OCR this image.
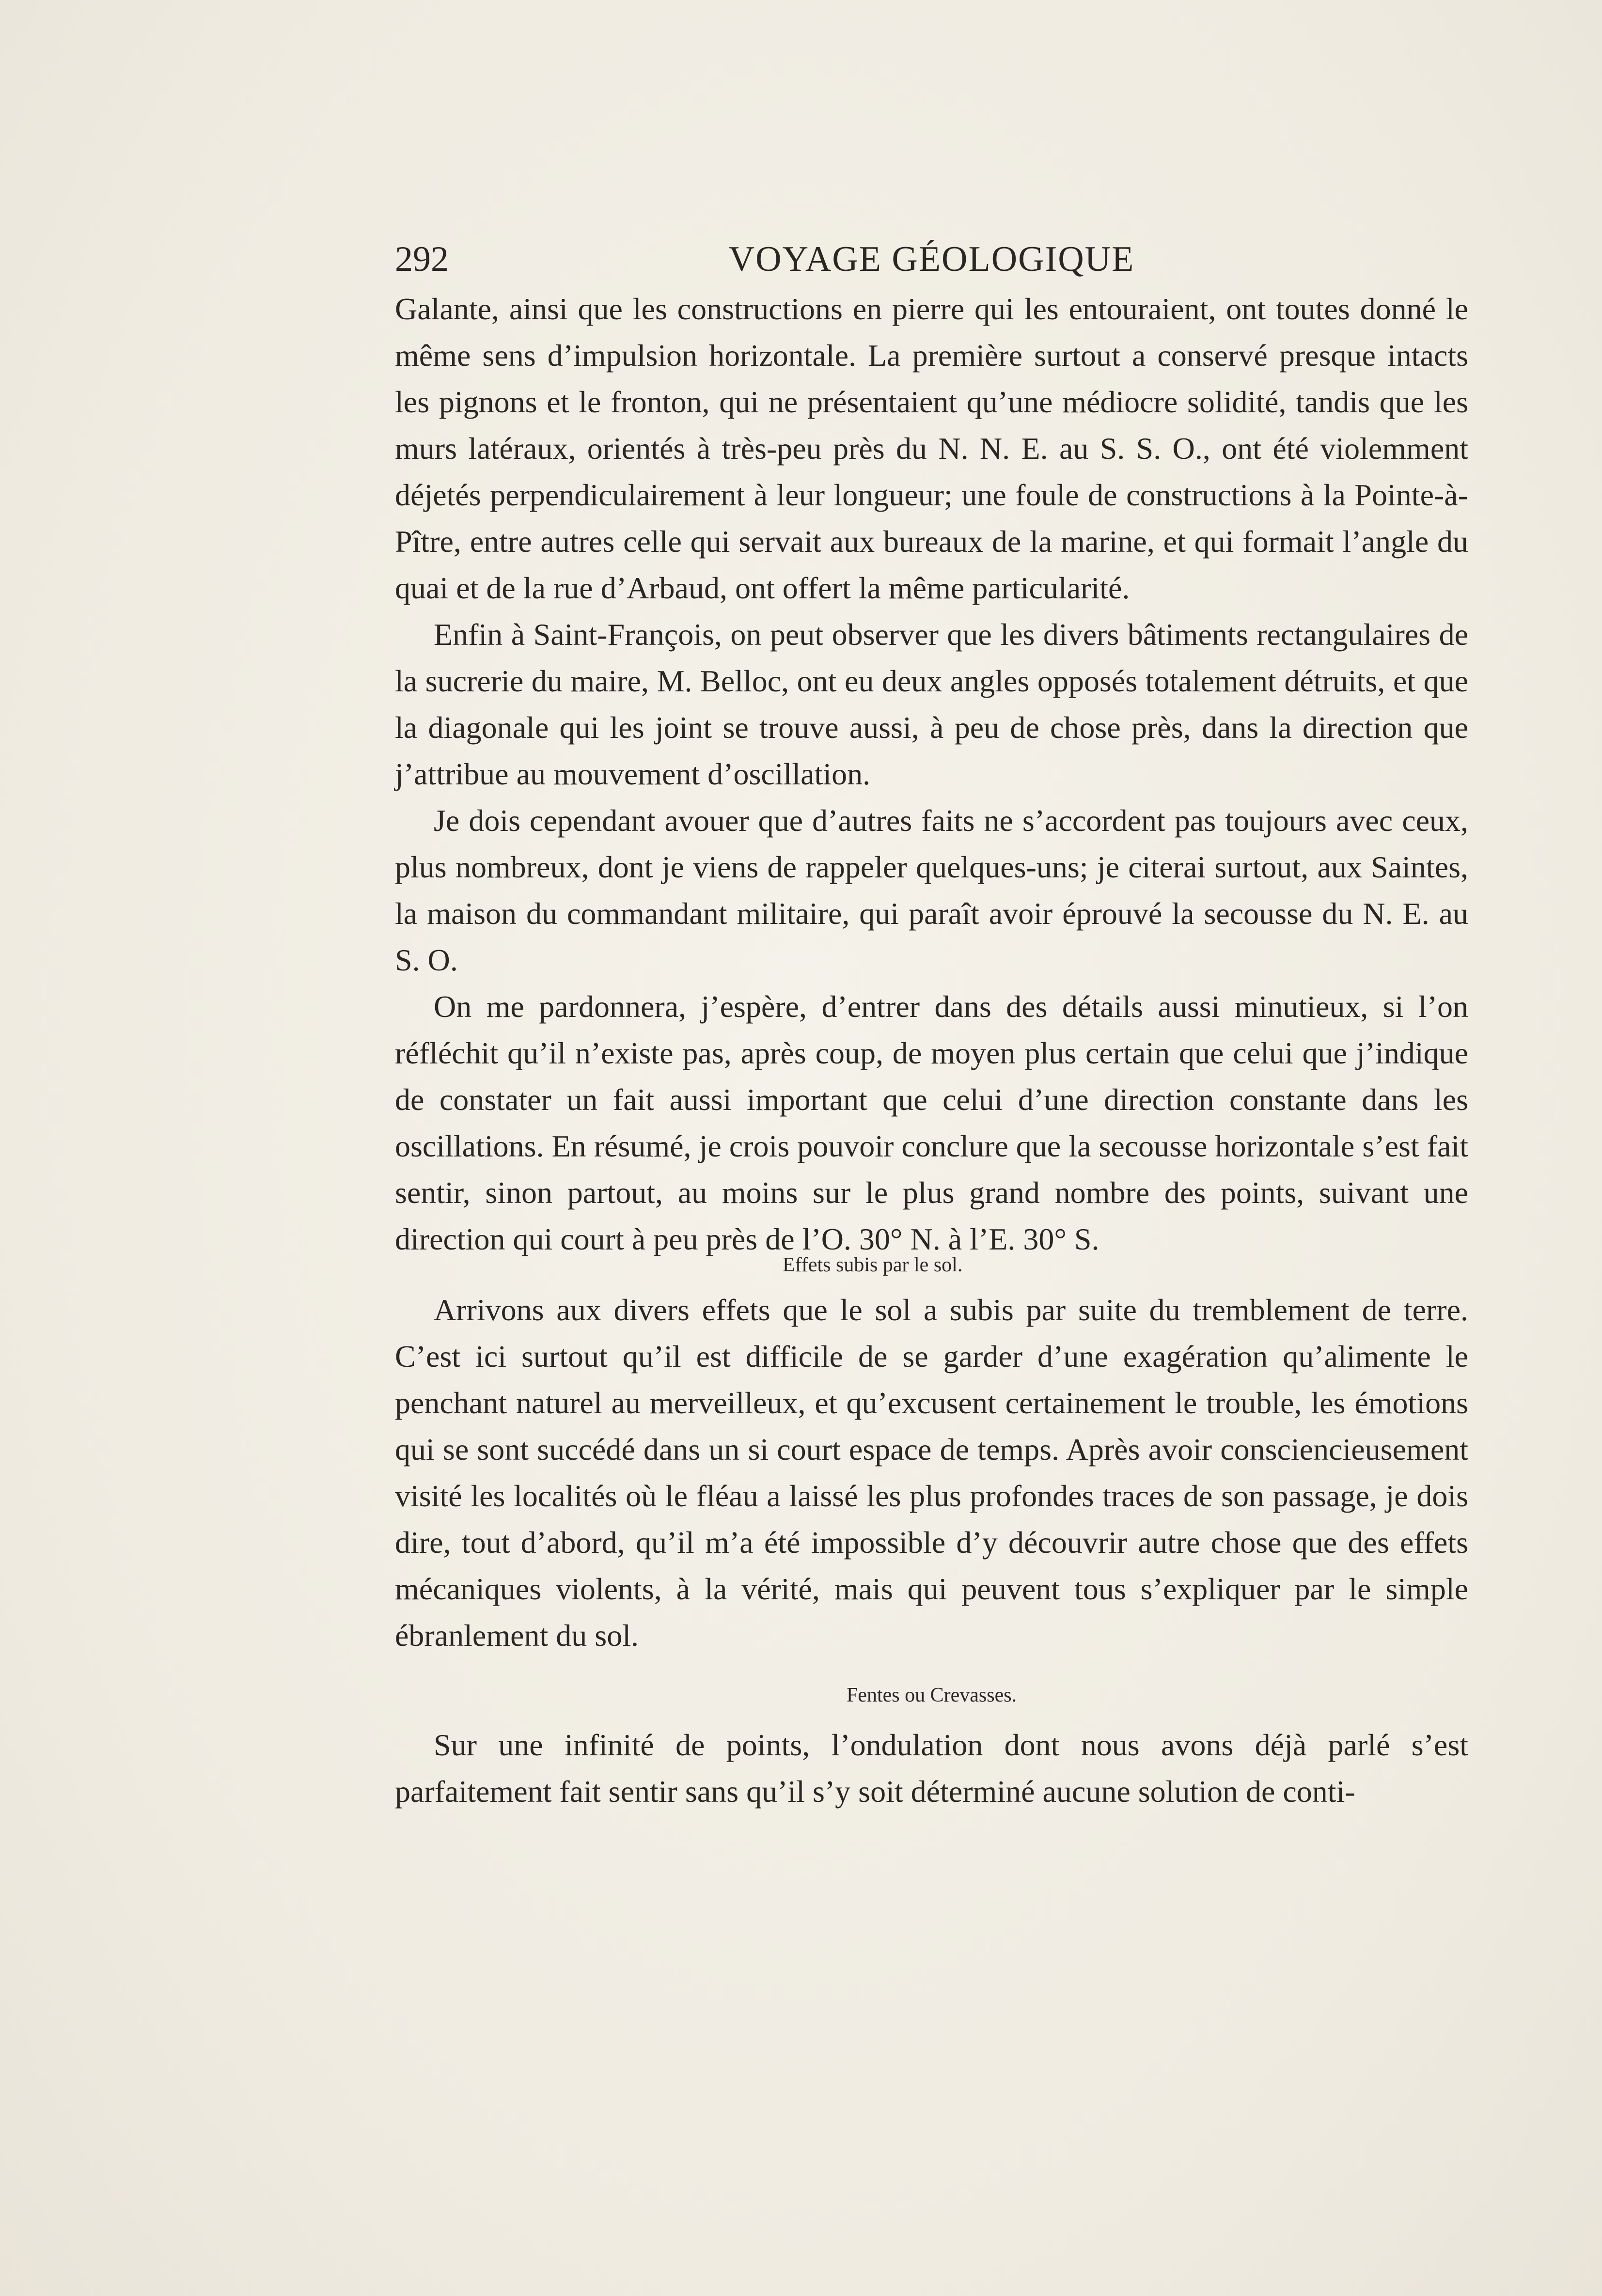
292	VOYAGE GÉOLOGIQUE

Galante, ainsi que les constructions en pierre qui les entouraient, ont toutes donné le même sens d’impulsion horizontale. La première surtout a conservé presque intacts les pignons et le fronton, qui ne présentaient qu’une médiocre solidité, tandis que les murs latéraux, orientés à très-peu près du N. N. E. au S. S. O., ont été violemment déjetés perpendiculairement à leur longueur; une foule de constructions à la Pointe-à-Pître, entre autres celle qui servait aux bureaux de la marine, et qui formait l’angle du quai et de la rue d’Arbaud, ont offert la même particularité.

Enfin à Saint-François, on peut observer que les divers bâtiments rectangulaires de la sucrerie du maire, M. Belloc, ont eu deux angles opposés totalement détruits, et que la diagonale qui les joint se trouve aussi, à peu de chose près, dans la direction que j’attribue au mouvement d’oscillation.

Je dois cependant avouer que d’autres faits ne s’accordent pas toujours avec ceux, plus nombreux, dont je viens de rappeler quelques-uns; je citerai surtout, aux Saintes, la maison du commandant militaire, qui paraît avoir éprouvé la secousse du N. E. au S. O.

On me pardonnera, j’espère, d’entrer dans des détails aussi minutieux, si l’on réfléchit qu’il n’existe pas, après coup, de moyen plus certain que celui que j’indique de constater un fait aussi important que celui d’une direction constante dans les oscillations. En résumé, je crois pouvoir conclure que la secousse horizontale s’est fait sentir, sinon partout, au moins sur le plus grand nombre des points, suivant une direction qui court à peu près de l’O. 30° N. à l’E. 30° S.

Effets subis par le sol.

Arrivons aux divers effets que le sol a subis par suite du tremblement de terre. C’est ici surtout qu’il est difficile de se garder d’une exagération qu’alimente le penchant naturel au merveilleux, et qu’excusent certainement le trouble, les émotions qui se sont succédé dans un si court espace de temps. Après avoir consciencieusement visité les localités où le fléau a laissé les plus profondes traces de son passage, je dois dire, tout d’abord, qu’il m’a été impossible d’y découvrir autre chose que des effets mécaniques violents, à la vérité, mais qui peuvent tous s’expliquer par le simple ébranlement du sol.

Fentes ou Crevasses.

Sur une infinité de points, l’ondulation dont nous avons déjà parlé s’est parfaitement fait sentir sans qu’il s’y soit déterminé aucune solution de conti-
